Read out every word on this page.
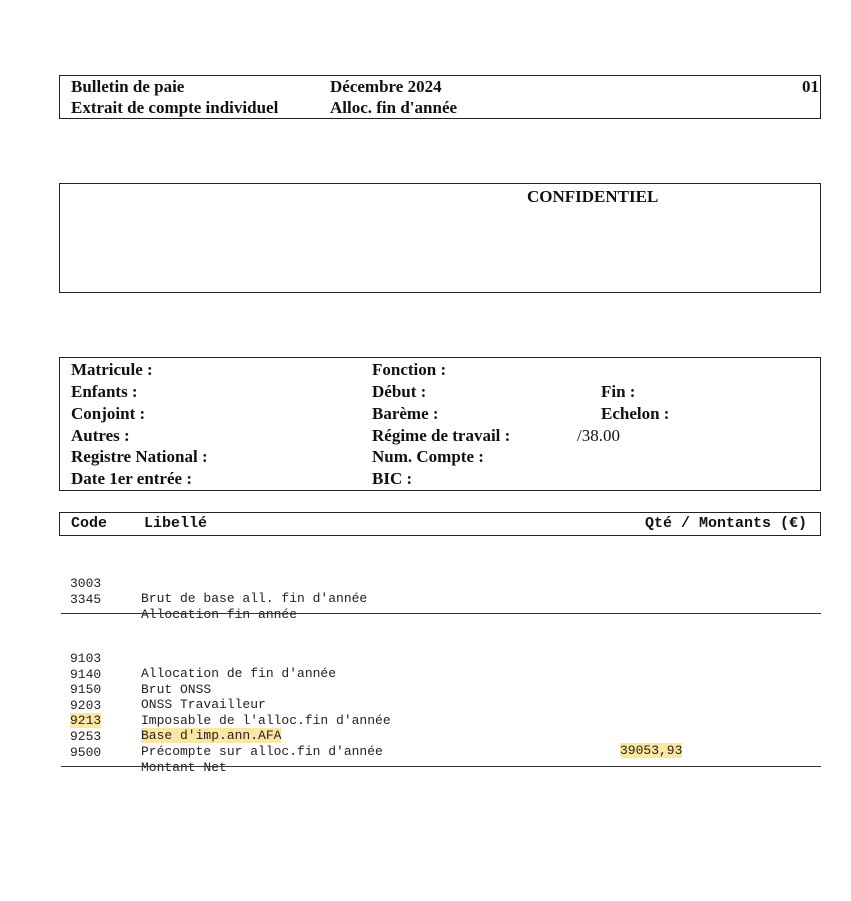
Bulletin de paie
Extrait de compte individuel
Décembre 2024
Alloc. fin d'année
01
CONFIDENTIEL
Matricule :
Enfants :
Conjoint :
Autres :
Registre National :
Date 1er entrée :
Fonction :
Début :
Barème :
Régime de travail :	/38.00
Num. Compte :
BIC :
Fin :
Echelon :
Code Libellé	Qté / Montants (€)

3003

Brut de base all. fin d'année

3345

Allocation fin année

9103

Allocation de fin d'année

9140

Brut ONSS

9150

ONSS Travailleur

9203

Imposable de l'alloc.fin d'année

9213

Base d'imp.ann.AFA

39053,93

9253

Précompte sur alloc.fin d'année

9500

Montant Net
